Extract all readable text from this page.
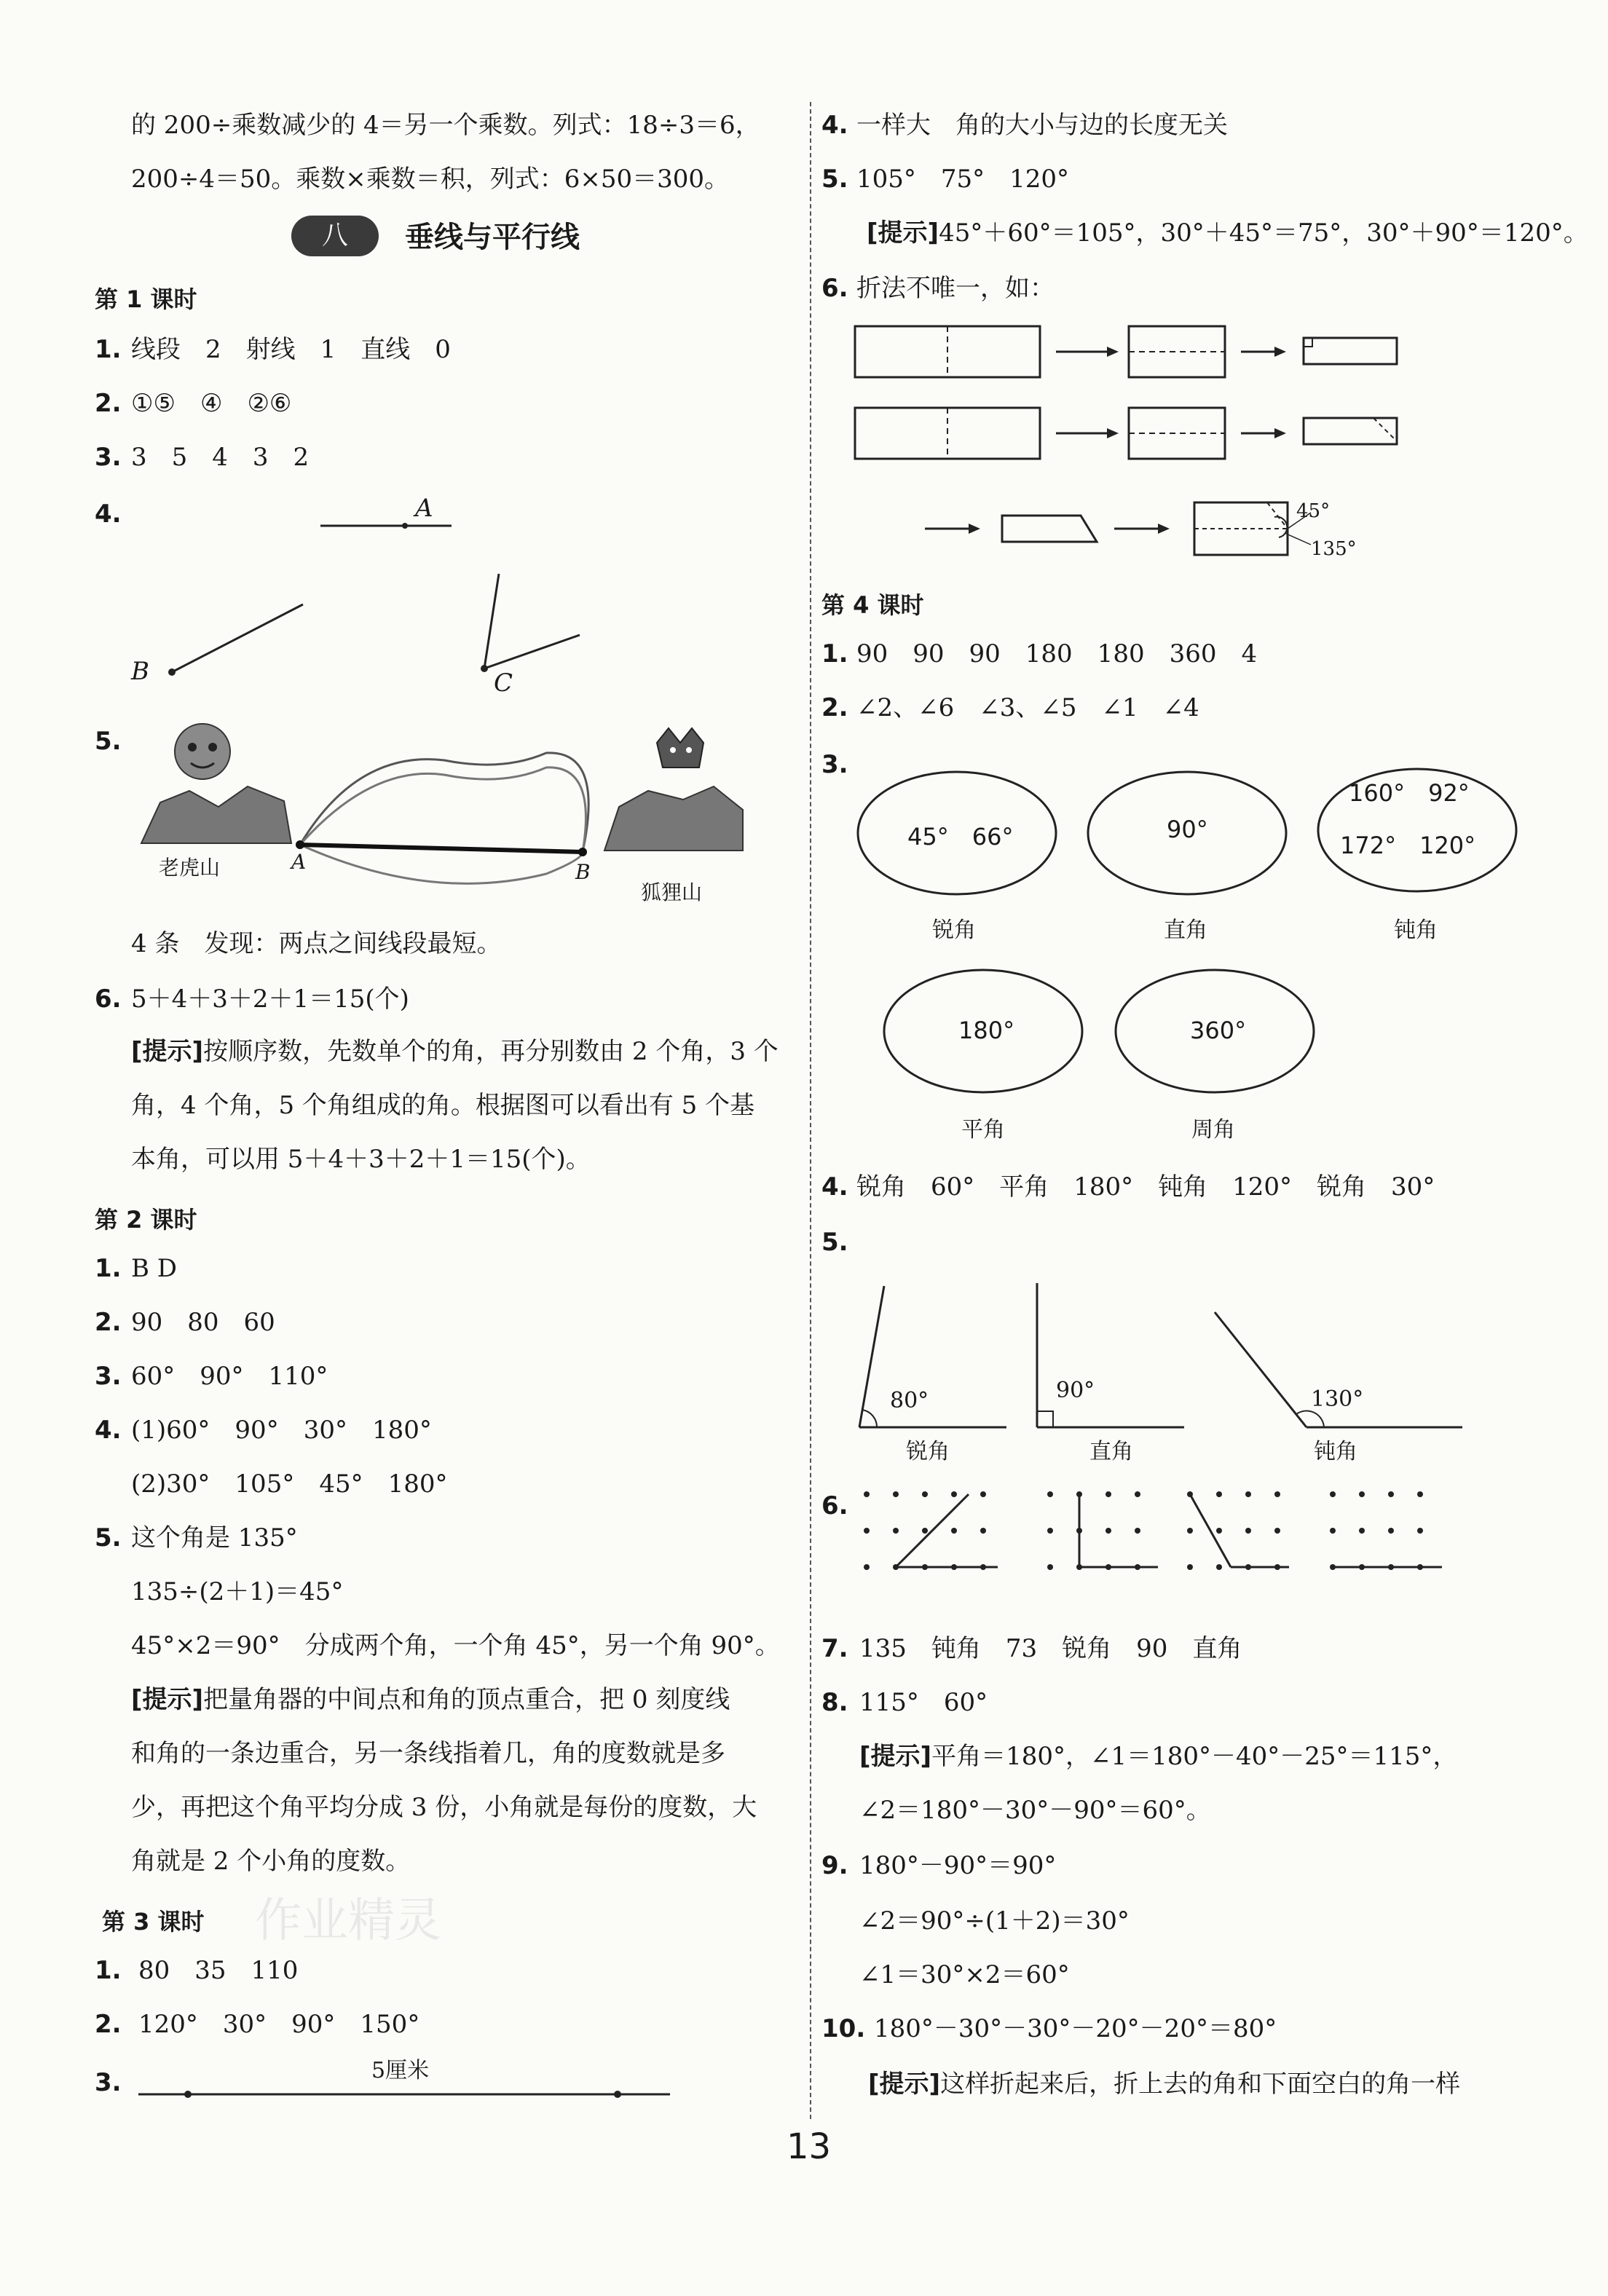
的 200÷乘数减少的 4＝另一个乘数。列式：18÷3＝6，
200÷4＝50。乘数×乘数＝积，列式：6×50＝300。
八	垂线与平行线
第 1 课时
1. 线段　2　射线　1　直线　0
2. ①⑤　④　②⑥
3. 3　5　4　3　2
4.	A
B	C
5.
老虎山	A	B
狐狸山
4 条　发现：两点之间线段最短。
6. 5＋4＋3＋2＋1＝15(个)
[提示]按顺序数，先数单个的角，再分别数由 2 个角，3 个
角，4 个角，5 个角组成的角。根据图可以看出有 5 个基
本角，可以用 5＋4＋3＋2＋1＝15(个)。
第 2 课时
1. B D
2. 90　80　60
3. 60°　90°　110°
4. (1)60°　90°　30°　180°
(2)30°　105°　45°　180°
5. 这个角是 135°
135÷(2＋1)＝45°
45°×2＝90°　分成两个角，一个角 45°，另一个角 90°。
[提示]把量角器的中间点和角的顶点重合，把 0 刻度线
和角的一条边重合，另一条线指着几，角的度数就是多
少，再把这个角平均分成 3 份，小角就是每份的度数，大
角就是 2 个小角的度数。
第 3 课时 作业精灵
1. 80　35　110
2. 120°　30°　90°　150°
3.	5厘米
4. 一样大　角的大小与边的长度无关
5. 105°　75°　120°
[提示]45°＋60°＝105°，30°＋45°＝75°，30°＋90°＝120°。
6. 折法不唯一，如：
45°
135°
第 4 课时
1. 90　90　90　180　180　360　4
2. ∠2、∠6　∠3、∠5　∠1　∠4
3.
45°　66°	90°
160°　92°
172°　120°
180°	360°
锐角	直角	钝角
平角	周角
4. 锐角　60°　平角　180°　钝角　120°　锐角　30°
5.
80°	90°	130°
锐角	直角	钝角
6.
7. 135　钝角　73　锐角　90　直角
8. 115°　60°
[提示]平角＝180°，∠1＝180°－40°－25°＝115°，
∠2＝180°－30°－90°＝60°。
9. 180°－90°＝90°
∠2＝90°÷(1＋2)＝30°
∠1＝30°×2＝60°
10. 180°－30°－30°－20°－20°＝80°
[提示]这样折起来后，折上去的角和下面空白的角一样
13
